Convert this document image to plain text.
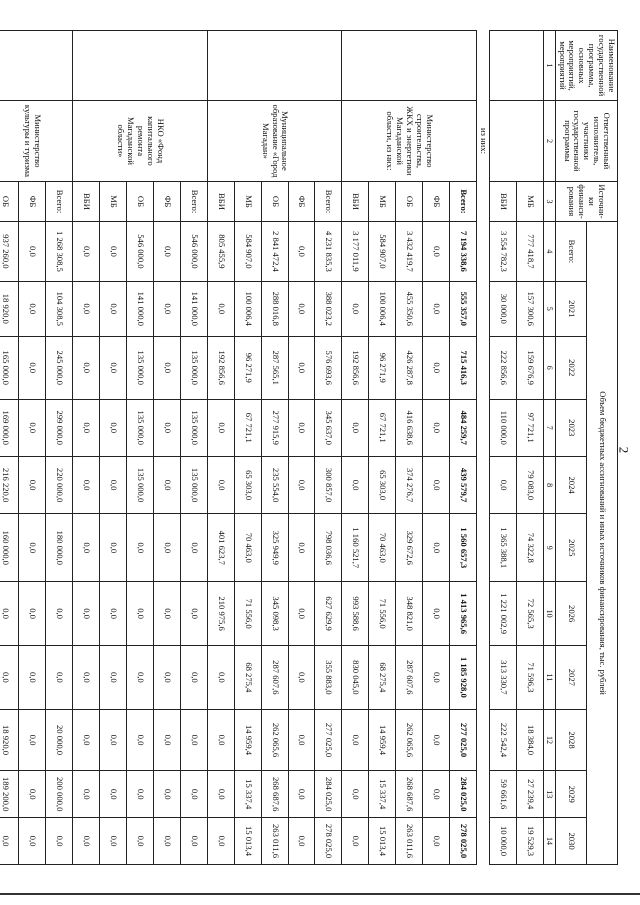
2
Наименование государственной программы, основных мероприятий, мероприятий	Ответственный исполнитель, участники государственной программы	Источни-ки финанси-рования	Объем бюджетных ассигнований и иных источников финансирования, тыс. рублей										
			Всего:	2021	2022	2023	2024	2025	2026	2027	2028	2029	2030
1	2	3	4	5	6	7	8	9	10	11	12	13	14
		МБ	777 418,7	157 300,6	159 676,9	97 721,1	79 083,0	74 322,8	72 565,3	71 596,3	18 384,0	27 239,4	19 529,3
		ВБИ	3 554 782,3	30 000,0	222 856,6	110 000,0	0,0	1 365 388,1	1 221 002,9	313 330,7	222 542,4	59 661,6	10 000,0
	из них:												
	Министерство строительства, ЖКХ и энергетики Магаданской области, из них:	Всего:	7 194 338,6	555 357,0	715 416,3	484 259,7	439 579,7	1 560 657,3	1 413 965,6	1 185 928,0	277 025,0	284 025,0	278 025,0
		ФБ	0,0	0,0	0,0	0,0	0,0	0,0	0,0	0,0	0,0	0,0	0,0
		ОБ	3 432 419,7	455 350,6	426 287,8	416 638,6	374 276,7	329 672,6	348 821,0	287 607,6	262 065,6	268 687,6	263 011,6
		МБ	584 907,0	100 006,4	96 271,9	67 721,1	65 303,0	70 463,0	71 556,0	68 275,4	14 959,4	15 337,4	15 013,4
		ВБИ	3 177 011,9	0,0	192 856,6	0,0	0,0	1 160 521,7	993 588,6	830 045,0	0,0	0,0	0,0
	Муниципальное образование «Город Магадан»	Всего:	4 231 835,3	388 023,2	576 693,6	345 637,0	300 857,0	798 036,6	627 629,9	355 883,0	277 025,0	284 025,0	278 025,0
		ФБ	0,0	0,0	0,0	0,0	0,0	0,0	0,0	0,0	0,0	0,0	0,0
		ОБ	2 841 472,4	288 016,8	287 565,1	277 915,9	235 554,0	325 949,9	345 098,3	287 607,6	262 065,6	268 687,6	263 011,6
		МБ	584 907,0	100 006,4	96 271,9	67 721,1	65 303,0	70 463,0	71 556,0	68 275,4	14 959,4	15 337,4	15 013,4
		ВБИ	805 455,9	0,0	192 856,6	0,0	0,0	401 623,7	210 975,6	0,0	0,0	0,0	0,0
	НКО «Фонд капитального ремонта Магаданской области»	Всего:	546 000,0	141 000,0	135 000,0	135 000,0	135 000,0	0,0	0,0	0,0	0,0	0,0	0,0
		ФБ	0,0	0,0	0,0	0,0	0,0	0,0	0,0	0,0	0,0	0,0	0,0
		ОБ	546 000,0	141 000,0	135 000,0	135 000,0	135 000,0	0,0	0,0	0,0	0,0	0,0	0,0
		МБ	0,0	0,0	0,0	0,0	0,0	0,0	0,0	0,0	0,0	0,0	0,0
		ВБИ	0,0	0,0	0,0	0,0	0,0	0,0	0,0	0,0	0,0	0,0	0,0
	Министерство культуры и туризма	Всего:	1 268 308,5	104 308,5	245 000,0	299 000,0	220 000,0	180 000,0	0,0	0,0	20 000,0	200 000,0	0,0
		ФБ	0,0	0,0	0,0	0,0	0,0	0,0	0,0	0,0	0,0	0,0	0,0
		ОБ	937 260,0	18 920,0	165 000,0	169 000,0	216 220,0	160 000,0	0,0	0,0	18 920,0	189 200,0	0,0
